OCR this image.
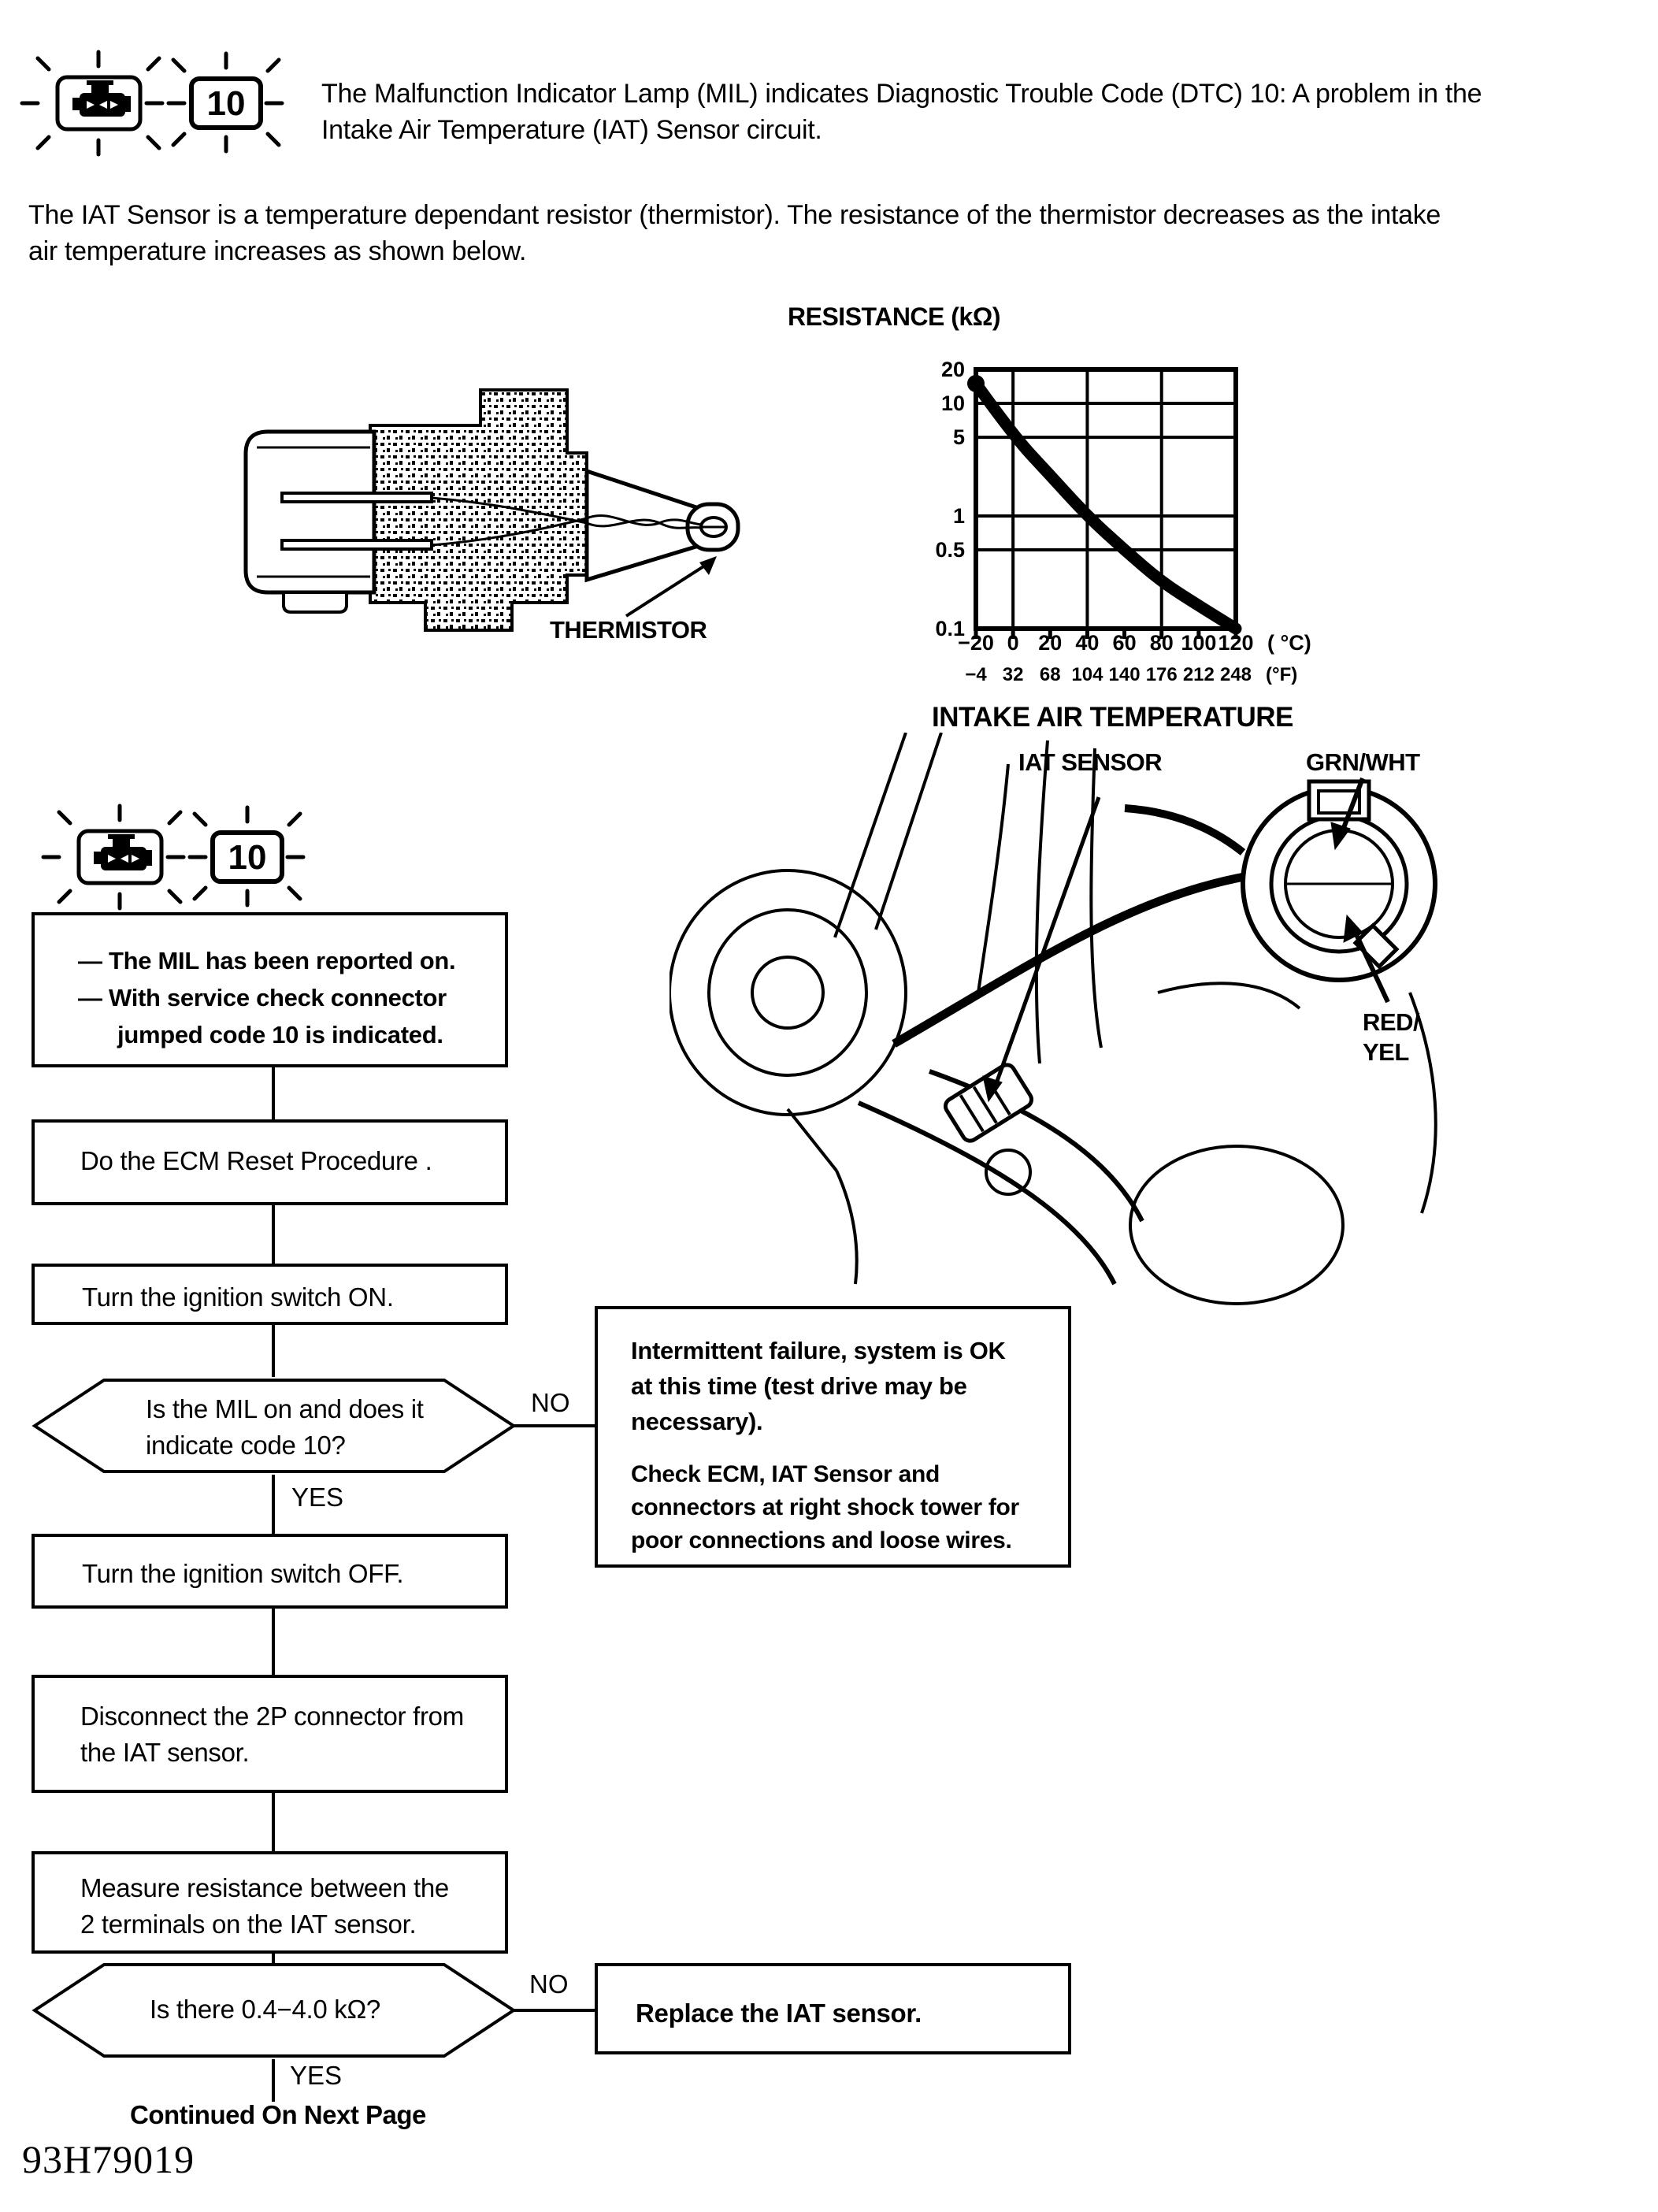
10	The Malfunction Indicator Lamp (MIL) indicates Diagnostic Trouble Code (DTC) 10: A problem in the
Intake Air Temperature (IAT) Sensor circuit.
The IAT Sensor is a temperature dependant resistor (thermistor). The resistance of the thermistor decreases as the intake
air temperature increases as shown below.
RESISTANCE (kΩ)
20
10
5
1
0.5
0.1
−20
−4
0
32
20
68
40
104
60
140
80
176
100
212
120
248
( °C)
(°F)
INTAKE AIR TEMPERATURE
THERMISTOR
10
IAT SENSOR	GRN/WHT
RED/
YEL
— The MIL has been reported on.
— With service check connector
jumped code 10 is indicated.
Do the ECM Reset Procedure .
Turn the ignition switch ON.
Is the MIL on and does it
indicate code 10?
NO
YES
Intermittent failure, system is OK
at this time (test drive may be
necessary).
Check ECM, IAT Sensor and
connectors at right shock tower for
poor connections and loose wires.
Turn the ignition switch OFF.
Disconnect the 2P connector from
the IAT sensor.
Measure resistance between the
2 terminals on the IAT sensor.
Is there 0.4−4.0 kΩ?
NO
Replace the IAT sensor.
YES
Continued On Next Page
93H79019
